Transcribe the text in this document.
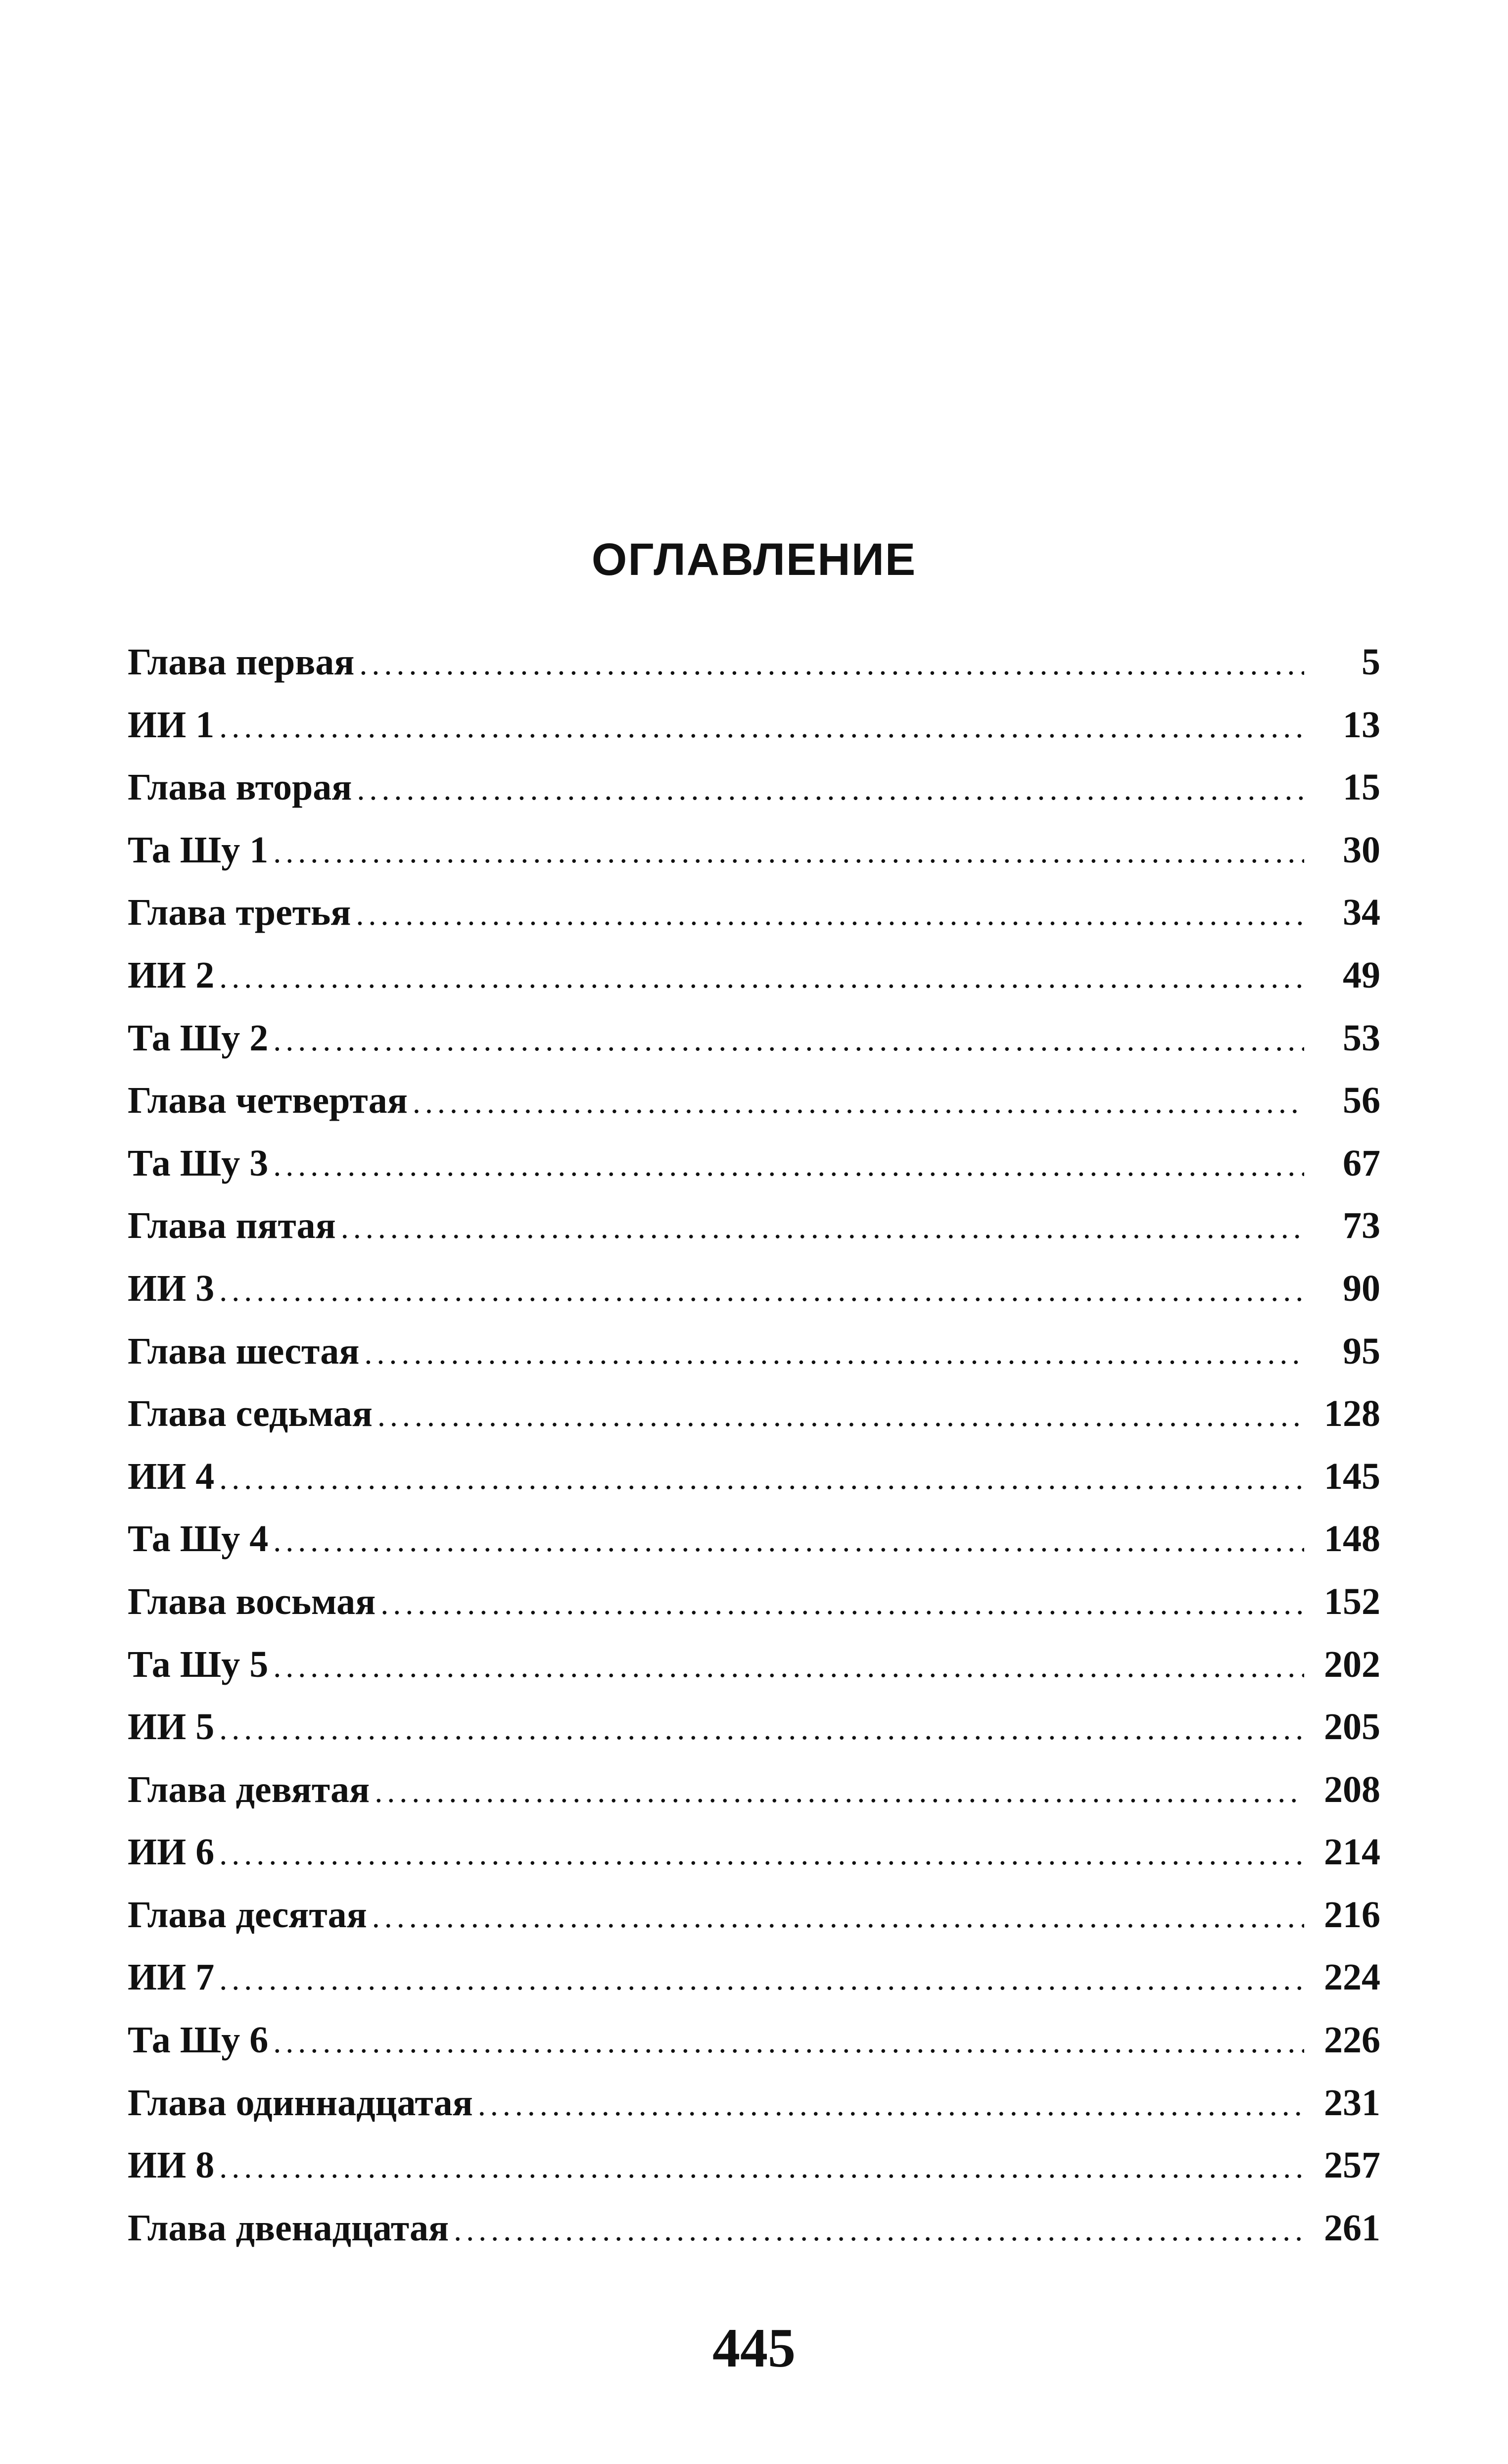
ОГЛАВЛЕНИЕ
Глава первая .....	5
ИИ 1 .....	13
Глава вторая .....	15
Та Шу 1 .....	30
Глава третья .....	34
ИИ 2 .....	49
Та Шу 2 .....	53
Глава четвертая .....	56
Та Шу 3 .....	67
Глава пятая .....	73
ИИ 3 .....	90
Глава шестая .....	95
Глава седьмая .....	128
ИИ 4 .....	145
Та Шу 4 .....	148
Глава восьмая .....	152
Та Шу 5 .....	202
ИИ 5 .....	205
Глава девятая .....	208
ИИ 6 .....	214
Глава десятая .....	216
ИИ 7 .....	224
Та Шу 6 .....	226
Глава одиннадцатая .....	231
ИИ 8 .....	257
Глава двенадцатая .....	261
445
